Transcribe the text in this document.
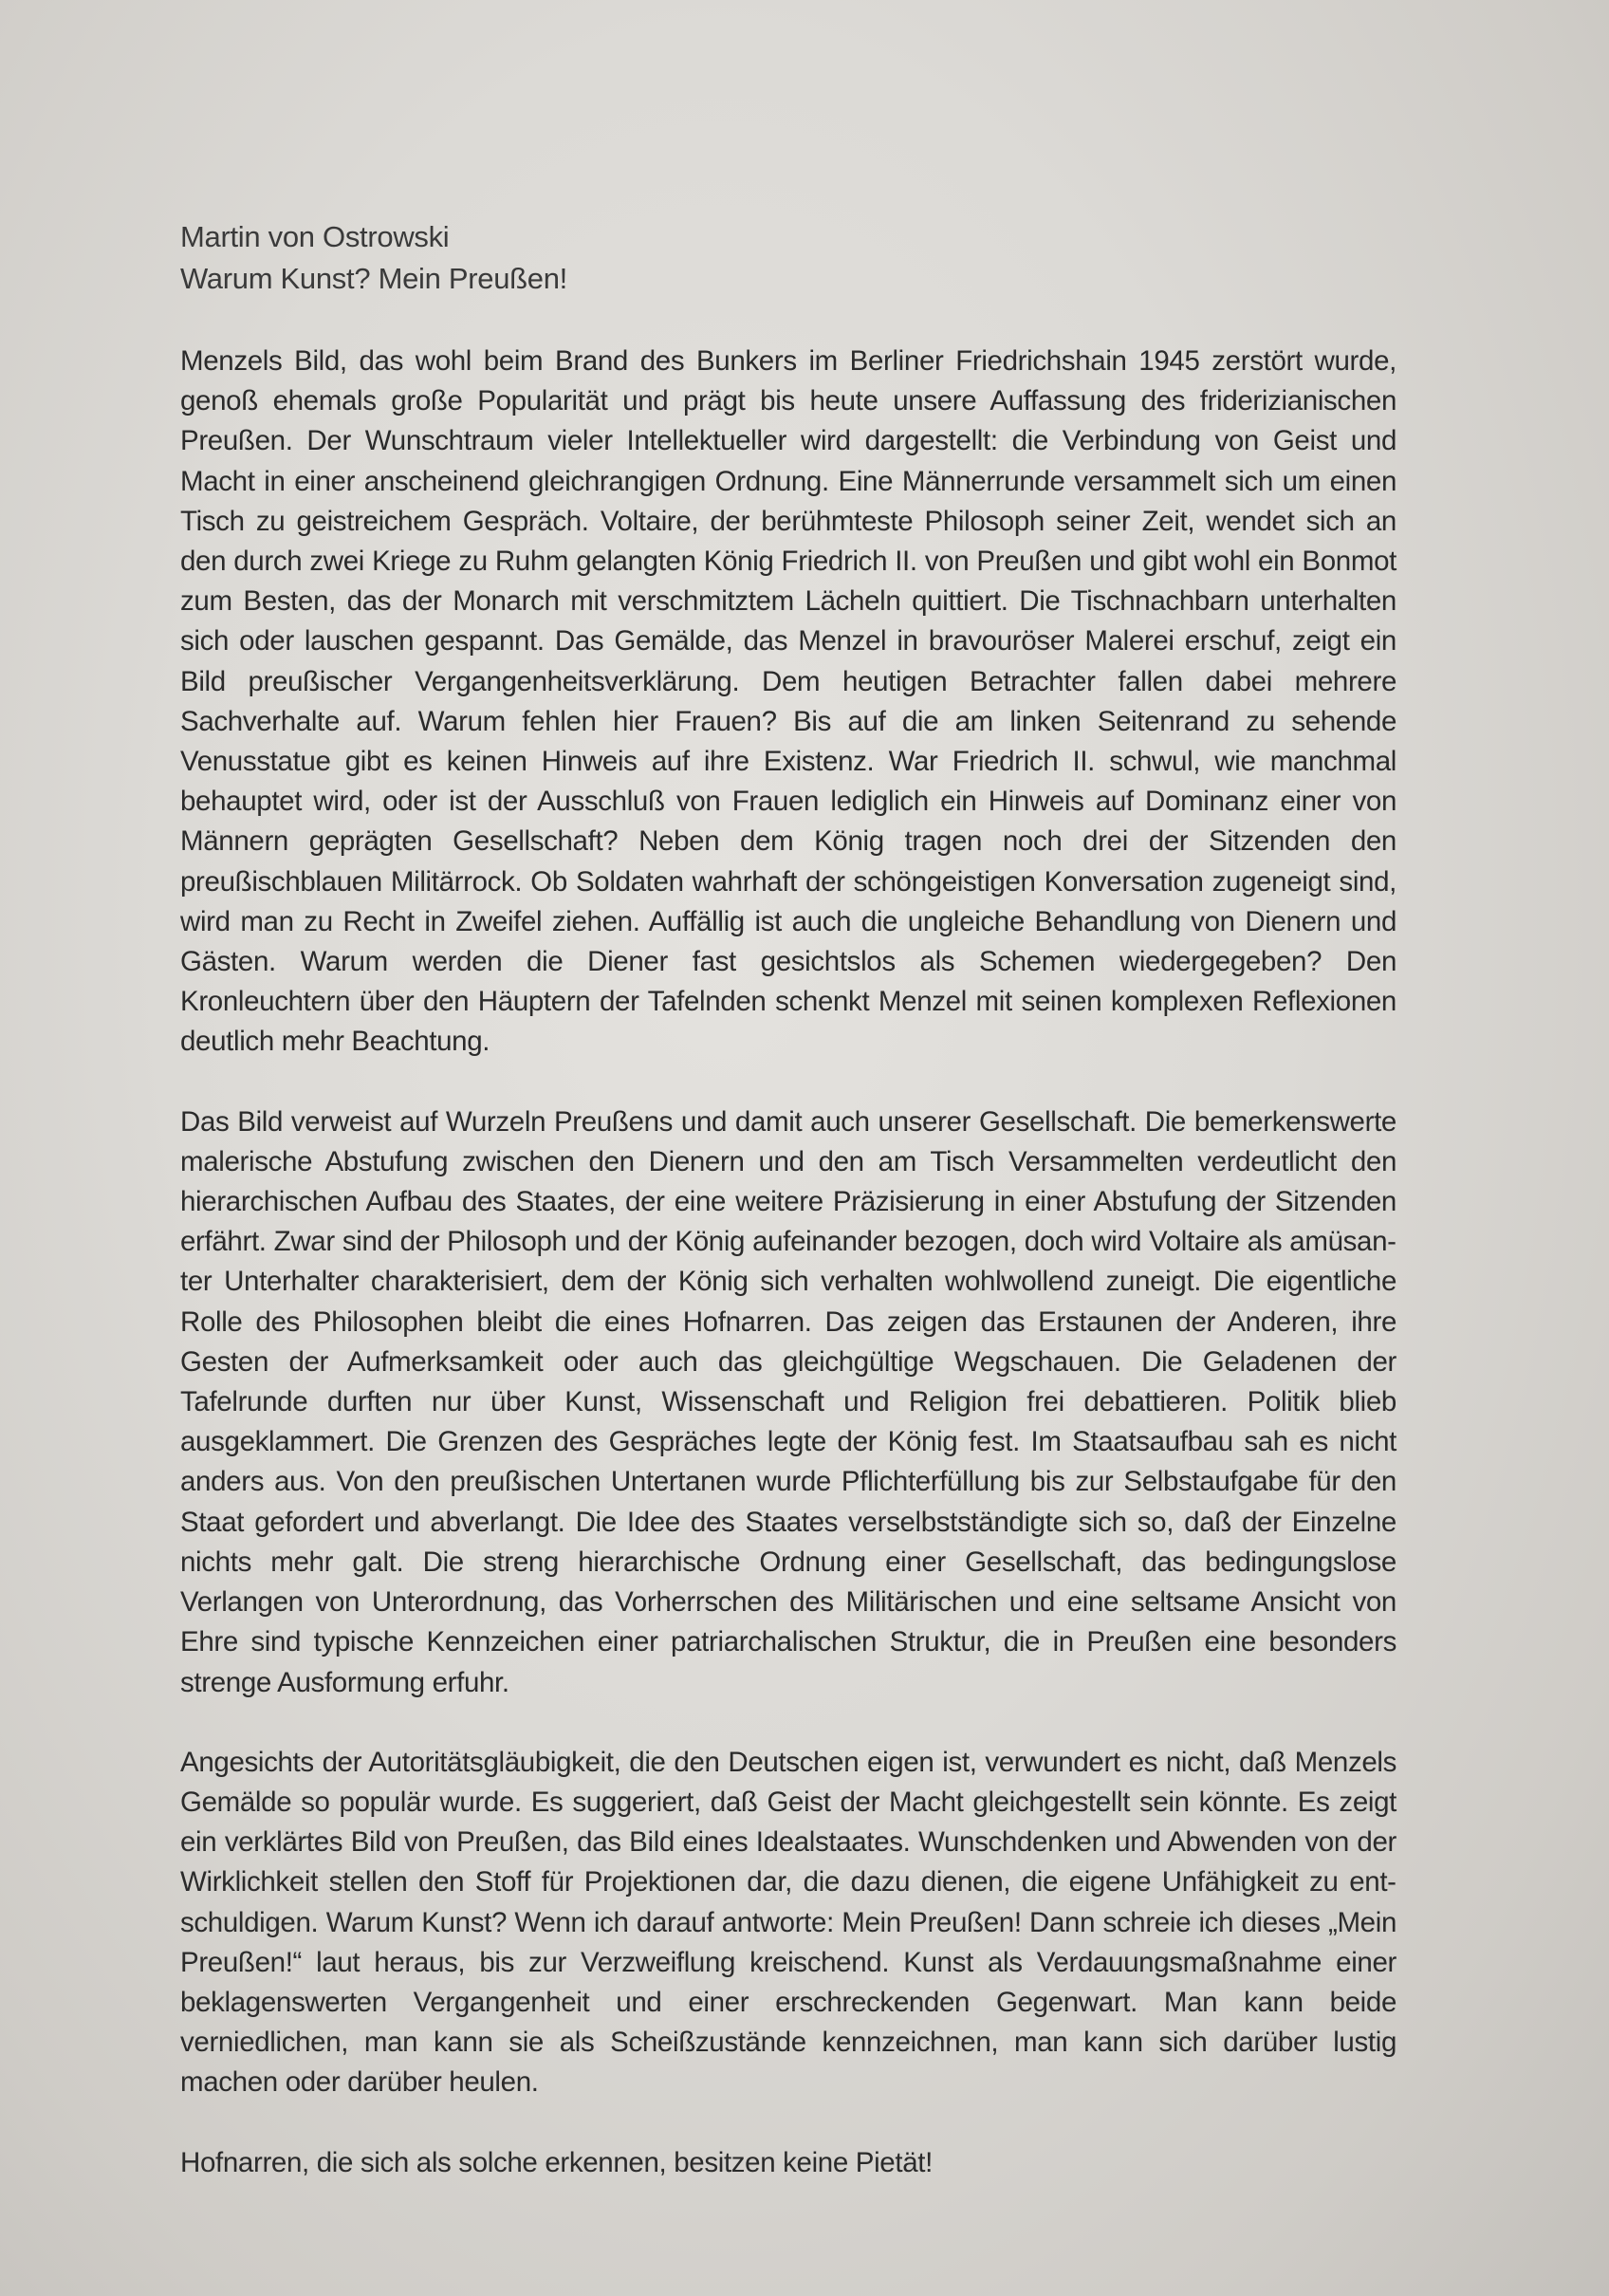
Martin von Ostrowski

Warum Kunst? Mein Preußen!

Menzels Bild, das wohl beim Brand des Bunkers im Berliner Friedrichshain 1945 zerstört wurde, genoß ehemals große Popularität und prägt bis heute unsere Auffassung des friderizianischen Preußen. Der Wunschtraum vieler Intellektueller wird dargestellt: die Verbindung von Geist und Macht in einer anscheinend gleichrangigen Ordnung. Eine Männerrunde versammelt sich um einen Tisch zu geistreichem Gespräch. Voltaire, der berühmteste Philosoph seiner Zeit, wendet sich an den durch zwei Kriege zu Ruhm gelangten König Friedrich II. von Preußen und gibt wohl ein Bonmot zum Besten, das der Monarch mit verschmitztem Lächeln quittiert. Die Tischnachbarn unterhalten sich oder lauschen gespannt. Das Gemälde, das Menzel in bravouröser Malerei erschuf, zeigt ein Bild preußischer Vergangenheitsverklärung. Dem heutigen Betrachter fallen dabei mehrere Sachverhalte auf. Warum fehlen hier Frauen? Bis auf die am linken Seitenrand zu sehende Venusstatue gibt es keinen Hinweis auf ihre Existenz. War Friedrich II. schwul, wie manchmal behauptet wird, oder ist der Ausschluß von Frauen lediglich ein Hinweis auf Dominanz einer von Männern geprägten Gesellschaft? Neben dem König tragen noch drei der Sitzenden den preußischblauen Militärrock. Ob Soldaten wahrhaft der schöngeistigen Konversation zugeneigt sind, wird man zu Recht in Zweifel ziehen. Auffällig ist auch die ungleiche Behandlung von Dienern und Gästen. Warum werden die Diener fast gesichtslos als Schemen wiedergegeben? Den Kronleuchtern über den Häuptern der Tafelnden schenkt Menzel mit seinen komplexen Reflexionen deutlich mehr Beachtung.

Das Bild verweist auf Wurzeln Preußens und damit auch unserer Gesellschaft. Die bemerkenswerte malerische Abstufung zwischen den Dienern und den am Tisch Versammelten verdeutlicht den hierarchischen Aufbau des Staates, der eine weitere Präzisierung in einer Abstufung der Sitzenden erfährt. Zwar sind der Philosoph und der König aufeinander bezogen, doch wird Voltaire als amüsanter Unterhalter charakterisiert, dem der König sich verhalten wohlwollend zuneigt. Die eigentliche Rolle des Philosophen bleibt die eines Hofnarren. Das zeigen das Erstaunen der Anderen, ihre Gesten der Aufmerksamkeit oder auch das gleichgültige Wegschauen. Die Geladenen der Tafelrunde durften nur über Kunst, Wissenschaft und Religion frei debattieren. Politik blieb ausgeklammert. Die Grenzen des Gespräches legte der König fest. Im Staatsaufbau sah es nicht anders aus. Von den preußischen Untertanen wurde Pflichterfüllung bis zur Selbstaufgabe für den Staat gefordert und abverlangt. Die Idee des Staates verselbstständigte sich so, daß der Einzelne nichts mehr galt. Die streng hierarchische Ordnung einer Gesellschaft, das bedingungslose Verlangen von Unterordnung, das Vorherrschen des Militärischen und eine seltsame Ansicht von Ehre sind typische Kennzeichen einer patriarchalischen Struktur, die in Preußen eine besonders strenge Ausformung erfuhr.

Angesichts der Autoritätsgläubigkeit, die den Deutschen eigen ist, verwundert es nicht, daß Menzels Gemälde so populär wurde. Es suggeriert, daß Geist der Macht gleichgestellt sein könnte. Es zeigt ein verklärtes Bild von Preußen, das Bild eines Idealstaates. Wunschdenken und Abwenden von der Wirklichkeit stellen den Stoff für Projektionen dar, die dazu dienen, die eigene Unfähigkeit zu entschuldigen. Warum Kunst? Wenn ich darauf antworte: Mein Preußen! Dann schreie ich dieses „Mein Preußen!“ laut heraus, bis zur Verzweiflung kreischend. Kunst als Verdauungsmaßnahme einer beklagenswerten Vergangenheit und einer erschreckenden Gegenwart. Man kann beide verniedlichen, man kann sie als Scheißzustände kennzeichnen, man kann sich darüber lustig machen oder darüber heulen.

Hofnarren, die sich als solche erkennen, besitzen keine Pietät!
